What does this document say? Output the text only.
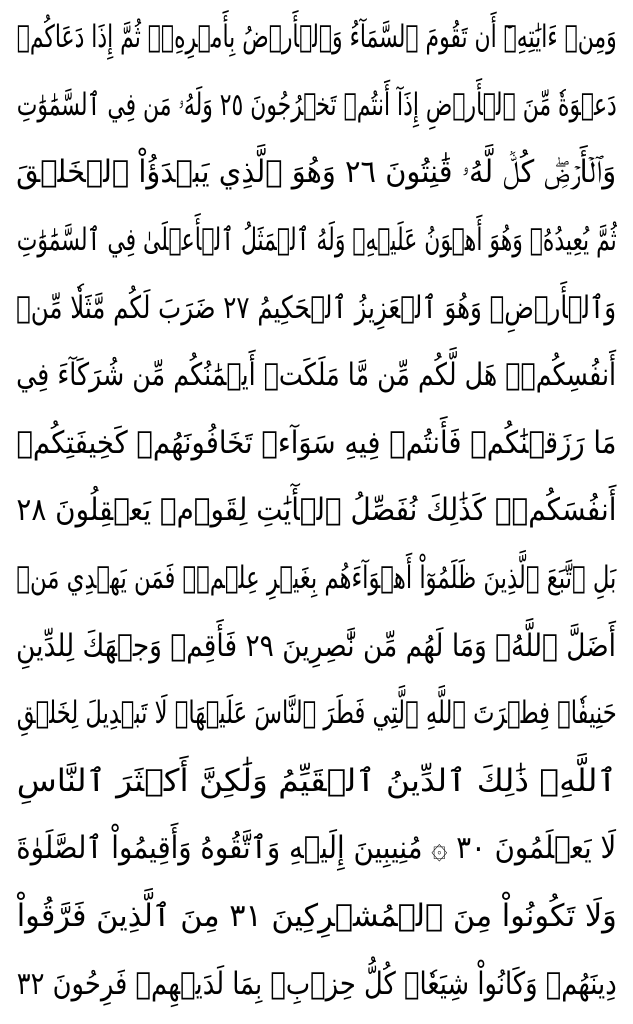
وَمِنۡ ءَايَٰتِهِۦٓ أَن تَقُومَ ٱلسَّمَآءُ وَٱلۡأَرۡضُ بِأَمۡرِهِۦۚ ثُمَّ إِذَا دَعَاكُمۡ
دَعۡوَةٗ مِّنَ ٱلۡأَرۡضِ إِذَآ أَنتُمۡ تَخۡرُجُونَ ٢٥ وَلَهُۥ مَن فِي ٱلسَّمَٰوَٰتِ
وَٱلۡأَرۡضِۖ كُلّٞ لَّهُۥ قَٰنِتُونَ ٢٦ وَهُوَ ٱلَّذِي يَبۡدَؤُاْ ٱلۡخَلۡقَ
ثُمَّ يُعِيدُهُۥ وَهُوَ أَهۡوَنُ عَلَيۡهِۚ وَلَهُ ٱلۡمَثَلُ ٱلۡأَعۡلَىٰ فِي ٱلسَّمَٰوَٰتِ
وَٱلۡأَرۡضِۚ وَهُوَ ٱلۡعَزِيزُ ٱلۡحَكِيمُ ٢٧ ضَرَبَ لَكُم مَّثَلٗا مِّنۡ
أَنفُسِكُمۡۖ هَل لَّكُم مِّن مَّا مَلَكَتۡ أَيۡمَٰنُكُم مِّن شُرَكَآءَ فِي
مَا رَزَقۡنَٰكُمۡ فَأَنتُمۡ فِيهِ سَوَآءٞ تَخَافُونَهُمۡ كَخِيفَتِكُمۡ
أَنفُسَكُمۡۚ كَذَٰلِكَ نُفَصِّلُ ٱلۡأٓيَٰتِ لِقَوۡمٖ يَعۡقِلُونَ ٢٨
بَلِ ٱتَّبَعَ ٱلَّذِينَ ظَلَمُوٓاْ أَهۡوَآءَهُم بِغَيۡرِ عِلۡمٖۖ فَمَن يَهۡدِي مَنۡ
أَضَلَّ ٱللَّهُۖ وَمَا لَهُم مِّن نَّٰصِرِينَ ٢٩ فَأَقِمۡ وَجۡهَكَ لِلدِّينِ
حَنِيفٗاۚ فِطۡرَتَ ٱللَّهِ ٱلَّتِي فَطَرَ ٱلنَّاسَ عَلَيۡهَاۚ لَا تَبۡدِيلَ لِخَلۡقِ
ٱللَّهِۚ ذَٰلِكَ ٱلدِّينُ ٱلۡقَيِّمُ وَلَٰكِنَّ أَكۡثَرَ ٱلنَّاسِ
لَا يَعۡلَمُونَ ٣٠ ۞ مُنِيبِينَ إِلَيۡهِ وَٱتَّقُوهُ وَأَقِيمُواْ ٱلصَّلَوٰةَ
وَلَا تَكُونُواْ مِنَ ٱلۡمُشۡرِكِينَ ٣١ مِنَ ٱلَّذِينَ فَرَّقُواْ
دِينَهُمۡ وَكَانُواْ شِيَعٗاۖ كُلُّ حِزۡبِۭ بِمَا لَدَيۡهِمۡ فَرِحُونَ ٣٢
